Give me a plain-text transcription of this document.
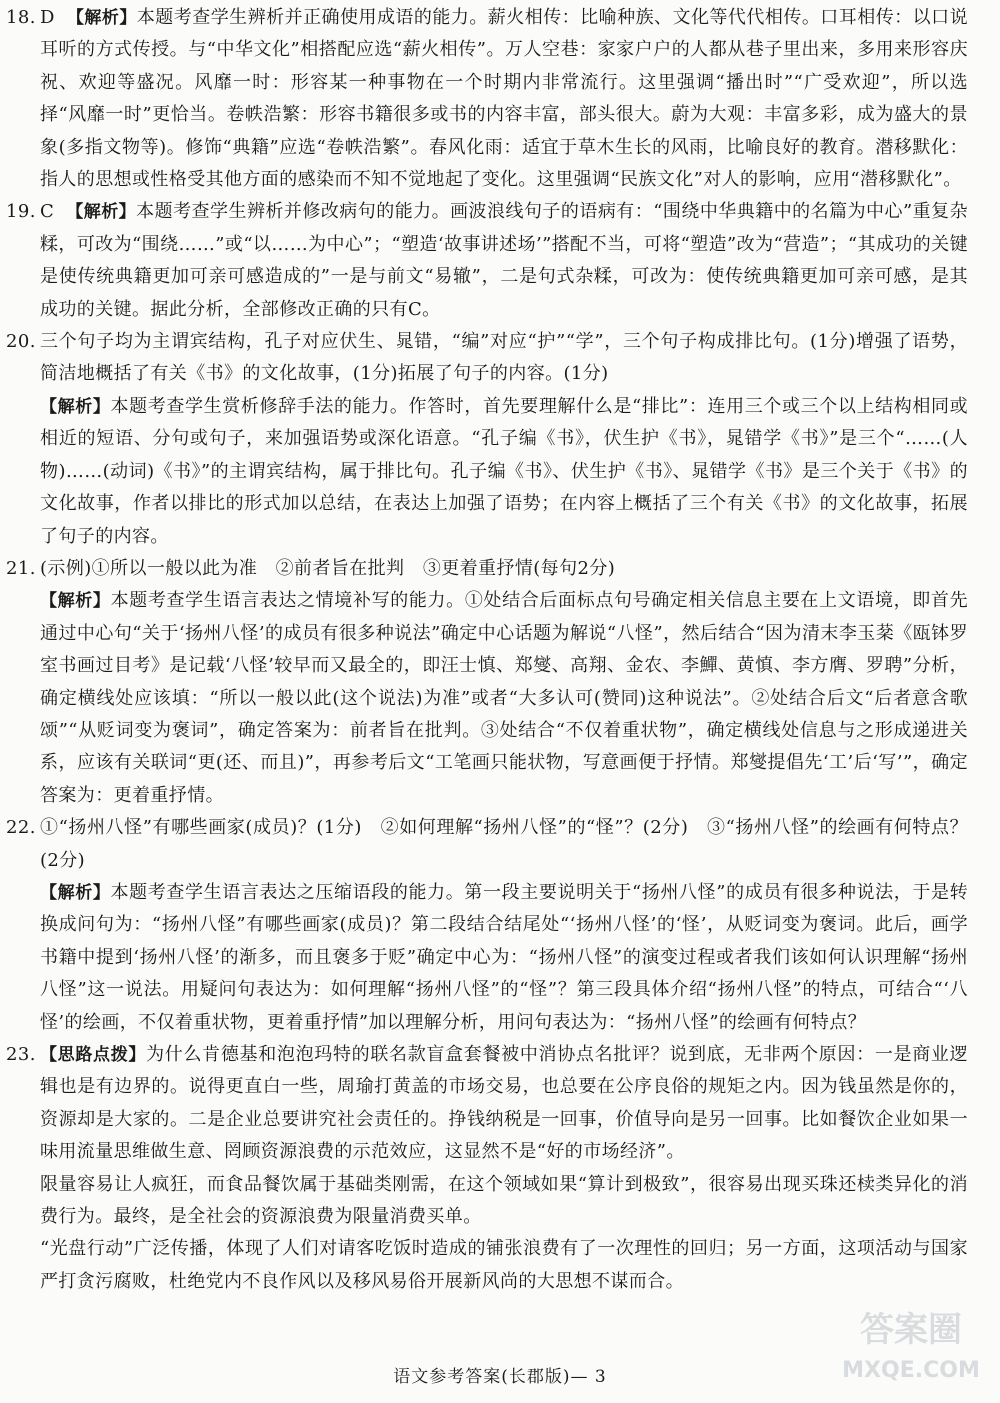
18. D 【解析】本题考查学生辨析并正确使用成语的能力。薪火相传：比喻种族、文化等代代相传。口耳相传：以口说耳听的方式传授。与“中华文化”相搭配应选“薪火相传”。万人空巷：家家户户的人都从巷子里出来，多用来形容庆祝、欢迎等盛况。风靡一时：形容某一种事物在一个时期内非常流行。这里强调“播出时”“广受欢迎”，所以选择“风靡一时”更恰当。卷帙浩繁：形容书籍很多或书的内容丰富，部头很大。蔚为大观：丰富多彩，成为盛大的景象(多指文物等)。修饰“典籍”应选“卷帙浩繁”。春风化雨：适宜于草木生长的风雨，比喻良好的教育。潜移默化：指人的思想或性格受其他方面的感染而不知不觉地起了变化。这里强调“民族文化”对人的影响，应用“潜移默化”。
19. C 【解析】本题考查学生辨析并修改病句的能力。画波浪线句子的语病有：“围绕中华典籍中的名篇为中心”重复杂糅，可改为“围绕……”或“以……为中心”；“塑造‘故事讲述场’”搭配不当，可将“塑造”改为“营造”；“其成功的关键是使传统典籍更加可亲可感造成的”一是与前文“易辙”，二是句式杂糅，可改为：使传统典籍更加可亲可感，是其成功的关键。据此分析，全部修改正确的只有C。
20. 三个句子均为主谓宾结构，孔子对应伏生、晁错，“编”对应“护”“学”，三个句子构成排比句。(1分)增强了语势，简洁地概括了有关《书》的文化故事，(1分)拓展了句子的内容。(1分)
【解析】本题考查学生赏析修辞手法的能力。作答时，首先要理解什么是“排比”：连用三个或三个以上结构相同或相近的短语、分句或句子，来加强语势或深化语意。“孔子编《书》，伏生护《书》，晁错学《书》”是三个“……(人物)……(动词)《书》”的主谓宾结构，属于排比句。孔子编《书》、伏生护《书》、晁错学《书》是三个关于《书》的文化故事，作者以排比的形式加以总结，在表达上加强了语势；在内容上概括了三个有关《书》的文化故事，拓展了句子的内容。
21. (示例)①所以一般以此为准　②前者旨在批判　③更着重抒情(每句2分)
【解析】本题考查学生语言表达之情境补写的能力。①处结合后面标点句号确定相关信息主要在上文语境，即首先通过中心句“关于‘扬州八怪’的成员有很多种说法”确定中心话题为解说“八怪”，然后结合“因为清末李玉棻《瓯钵罗室书画过目考》是记载‘八怪’较早而又最全的，即汪士慎、郑燮、高翔、金农、李鱓、黄慎、李方膺、罗聘”分析，确定横线处应该填：“所以一般以此(这个说法)为准”或者“大多认可(赞同)这种说法”。②处结合后文“后者意含歌颂”“从贬词变为褒词”，确定答案为：前者旨在批判。③处结合“不仅着重状物”，确定横线处信息与之形成递进关系，应该有关联词“更(还、而且)”，再参考后文“工笔画只能状物，写意画便于抒情。郑燮提倡先‘工’后‘写’”，确定答案为：更着重抒情。
22. ①“扬州八怪”有哪些画家(成员)？(1分)　②如何理解“扬州八怪”的“怪”？(2分)　③“扬州八怪”的绘画有何特点？(2分)
【解析】本题考查学生语言表达之压缩语段的能力。第一段主要说明关于“扬州八怪”的成员有很多种说法，于是转换成问句为：“扬州八怪”有哪些画家(成员)？第二段结合结尾处“‘扬州八怪’的‘怪’，从贬词变为褒词。此后，画学书籍中提到‘扬州八怪’的渐多，而且褒多于贬”确定中心为：“扬州八怪”的演变过程或者我们该如何认识理解“扬州八怪”这一说法。用疑问句表达为：如何理解“扬州八怪”的“怪”？第三段具体介绍“扬州八怪”的特点，可结合“‘八怪’的绘画，不仅着重状物，更着重抒情”加以理解分析，用问句表达为：“扬州八怪”的绘画有何特点？
23. 【思路点拨】为什么肯德基和泡泡玛特的联名款盲盒套餐被中消协点名批评？说到底，无非两个原因：一是商业逻辑也是有边界的。说得更直白一些，周瑜打黄盖的市场交易，也总要在公序良俗的规矩之内。因为钱虽然是你的，资源却是大家的。二是企业总要讲究社会责任的。挣钱纳税是一回事，价值导向是另一回事。比如餐饮企业如果一味用流量思维做生意、罔顾资源浪费的示范效应，这显然不是“好的市场经济”。
限量容易让人疯狂，而食品餐饮属于基础类刚需，在这个领域如果“算计到极致”，很容易出现买珠还椟类异化的消费行为。最终，是全社会的资源浪费为限量消费买单。
“光盘行动”广泛传播，体现了人们对请客吃饭时造成的铺张浪费有了一次理性的回归；另一方面，这项活动与国家严打贪污腐败，杜绝党内不良作风以及移风易俗开展新风尚的大思想不谋而合。
语文参考答案(长郡版)— 3
答案圈
MXQE.COM
